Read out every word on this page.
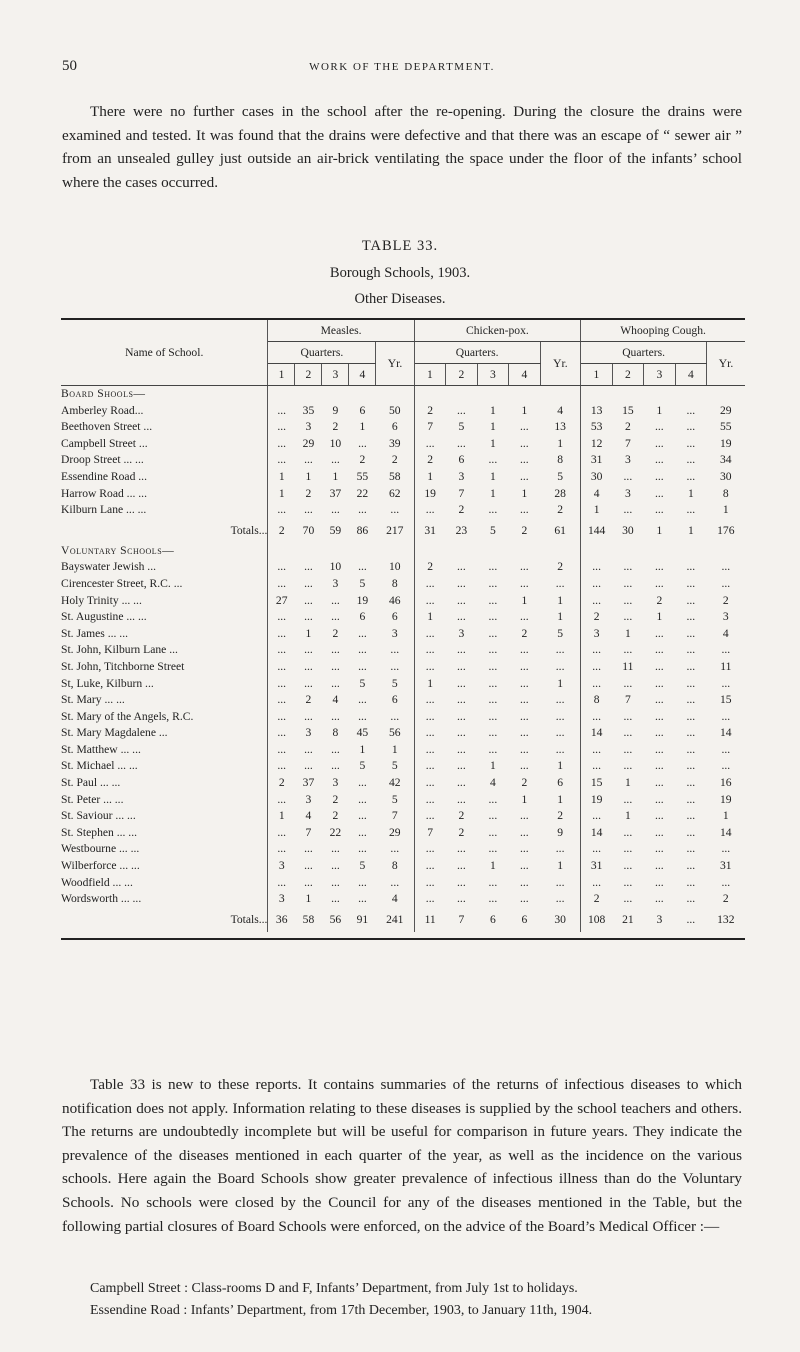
50	WORK OF THE DEPARTMENT.
There were no further cases in the school after the re-opening. During the closure the drains were examined and tested. It was found that the drains were defective and that there was an escape of “ sewer air ” from an unsealed gulley just outside an air-brick ventilating the space under the floor of the infants’ school where the cases occurred.
TABLE 33.
Borough Schools, 1903.
Other Diseases.
Name of School.	Measles.					Chicken-pox.					Whooping Cough.				
	Quarters.				Yr.	Quarters.				Yr.	Quarters.				Yr.
	1	2	3	4		1	2	3	4		1	2	3	4	
Board Shools—															
Amberley Road...	...	35	9	6	50	2	...	1	1	4	13	15	1	...	29
Beethoven Street ...	...	3	2	1	6	7	5	1	...	13	53	2	...	...	55
Campbell Street ...	...	29	10	...	39	...	...	1	...	1	12	7	...	...	19
Droop Street ... ...	...	...	...	2	2	2	6	...	...	8	31	3	...	...	34
Essendine Road ...	1	1	1	55	58	1	3	1	...	5	30	...	...	...	30
Harrow Road ... ...	1	2	37	22	62	19	7	1	1	28	4	3	...	1	8
Kilburn Lane ... ...	...	...	...	...	...	...	2	...	...	2	1	...	...	...	1
Totals...	2	70	59	86	217	31	23	5	2	61	144	30	1	1	176
Voluntary Schools—															
Bayswater Jewish ...	...	...	10	...	10	2	...	...	...	2	...	...	...	...	...
Cirencester Street, R.C. ...	...	...	3	5	8	...	...	...	...	...	...	...	...	...	...
Holy Trinity ... ...	27	...	...	19	46	...	...	...	1	1	...	...	2	...	2
St. Augustine ... ...	...	...	...	6	6	1	...	...	...	1	2	...	1	...	3
St. James ... ...	...	1	2	...	3	...	3	...	2	5	3	1	...	...	4
St. John, Kilburn Lane ...	...	...	...	...	...	...	...	...	...	...	...	...	...	...	...
St. John, Titchborne Street	...	...	...	...	...	...	...	...	...	...	...	11	...	...	11
St, Luke, Kilburn ...	...	...	...	5	5	1	...	...	...	1	...	...	...	...	...
St. Mary ... ...	...	2	4	...	6	...	...	...	...	...	8	7	...	...	15
St. Mary of the Angels, R.C.	...	...	...	...	...	...	...	...	...	...	...	...	...	...	...
St. Mary Magdalene ...	...	3	8	45	56	...	...	...	...	...	14	...	...	...	14
St. Matthew ... ...	...	...	...	1	1	...	...	...	...	...	...	...	...	...	...
St. Michael ... ...	...	...	...	5	5	...	...	1	...	1	...	...	...	...	...
St. Paul ... ...	2	37	3	...	42	...	...	4	2	6	15	1	...	...	16
St. Peter ... ...	...	3	2	...	5	...	...	...	1	1	19	...	...	...	19
St. Saviour ... ...	1	4	2	...	7	...	2	...	...	2	...	1	...	...	1
St. Stephen ... ...	...	7	22	...	29	7	2	...	...	9	14	...	...	...	14
Westbourne ... ...	...	...	...	...	...	...	...	...	...	...	...	...	...	...	...
Wilberforce ... ...	3	...	...	5	8	...	...	1	...	1	31	...	...	...	31
Woodfield ... ...	...	...	...	...	...	...	...	...	...	...	...	...	...	...	...
Wordsworth ... ...	3	1	...	...	4	...	...	...	...	...	2	...	...	...	2
Totals...	36	58	56	91	241	11	7	6	6	30	108	21	3	...	132

Table 33 is new to these reports. It contains summaries of the returns of infectious diseases to which notification does not apply. Information relating to these diseases is supplied by the school teachers and others. The returns are undoubtedly incomplete but will be useful for comparison in future years. They indicate the prevalence of the diseases mentioned in each quarter of the year, as well as the incidence on the various schools. Here again the Board Schools show greater prevalence of infectious illness than do the Voluntary Schools. No schools were closed by the Council for any of the diseases mentioned in the Table, but the following partial closures of Board Schools were enforced, on the advice of the Board’s Medical Officer :—
Campbell Street : Class-rooms D and F, Infants’ Department, from July 1st to holidays.
Essendine Road : Infants’ Department, from 17th December, 1903, to January 11th, 1904.
